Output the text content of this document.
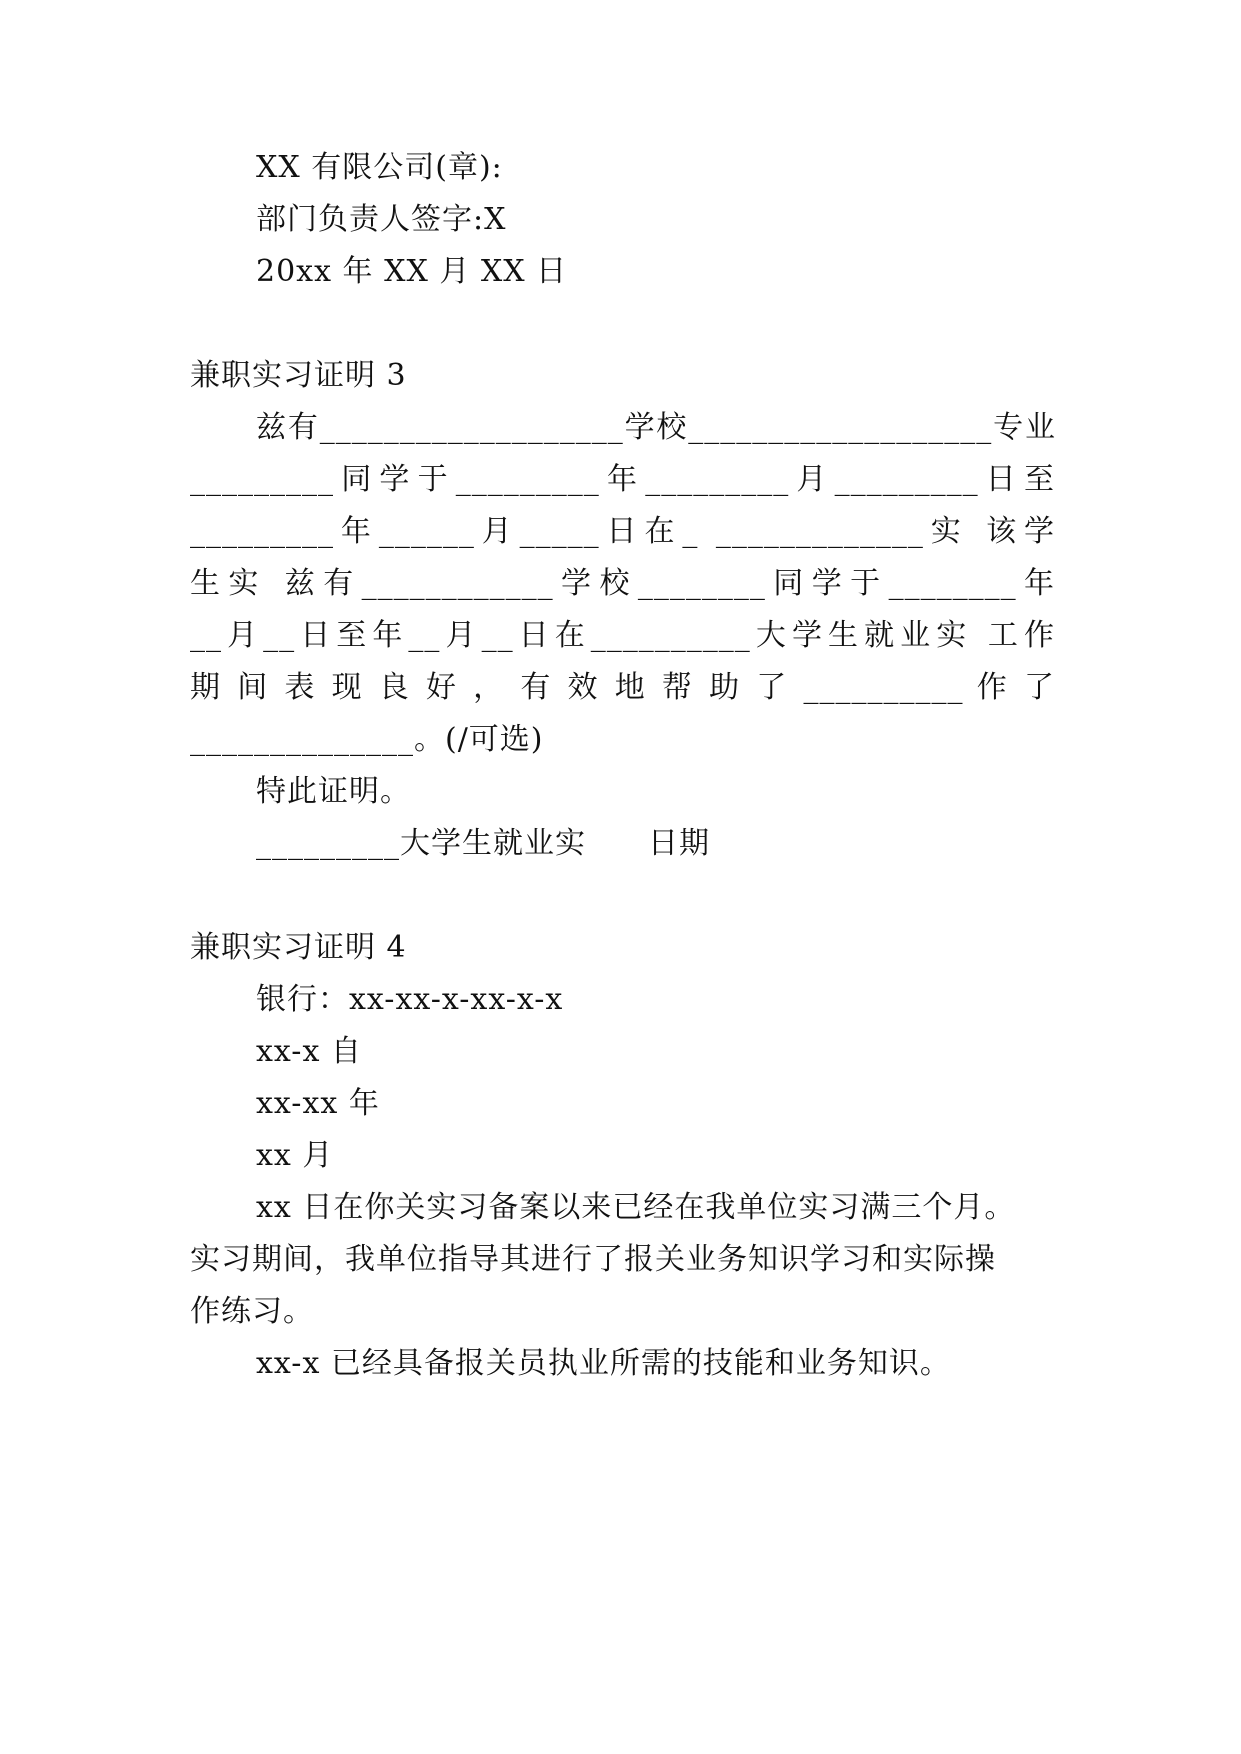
XX 有限公司(章):
部门负责人签字:X
20xx 年 XX 月 XX 日
兼职实习证明 3
兹有___________________学校___________________专业
_________同学于_________年_________月_________日至
_________年______月_____日在_ _____________实 该学
生实 兹有____________学校________同学于________年
__月__日至年__月__日在__________大学生就业实 工作
期 间 表 现 良 好 ， 有 效 地 帮 助 了 __________ 作 了
______________。(/可选)
特此证明。
_________大学生就业实　　日期
兼职实习证明 4
银行：xx-xx-x-xx-x-x
xx-x 自
xx-xx 年
xx 月
xx 日在你关实习备案以来已经在我单位实习满三个月。
实习期间，我单位指导其进行了报关业务知识学习和实际操
作练习。
xx-x 已经具备报关员执业所需的技能和业务知识。
